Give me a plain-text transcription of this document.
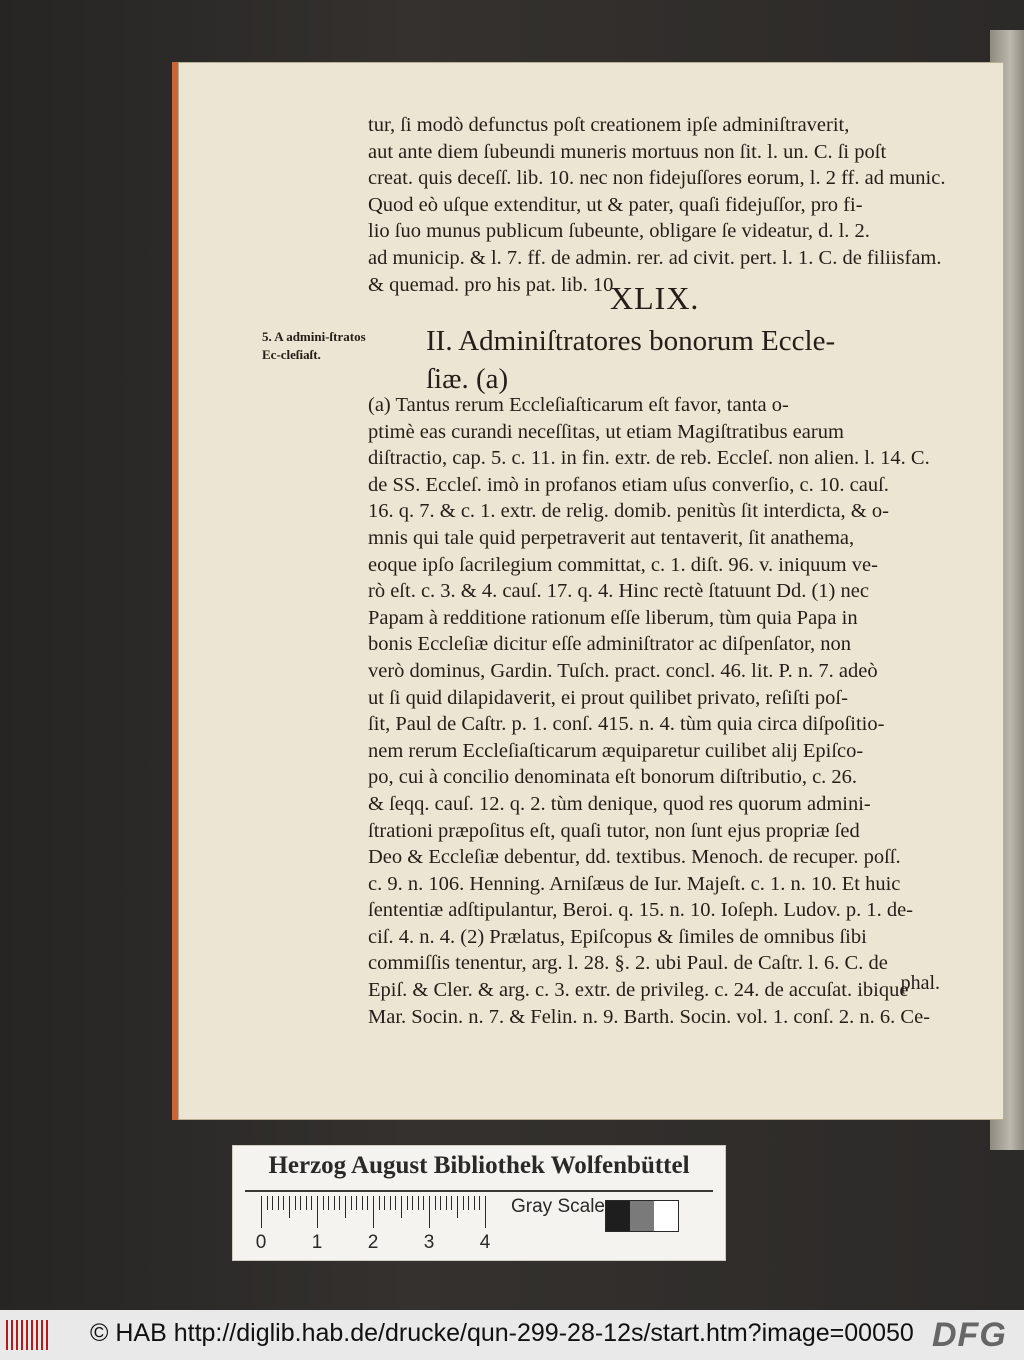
tur, ſi modò defunctus poſt creationem ipſe adminiſtraverit,
aut ante diem ſubeundi muneris mortuus non ſit. l. un. C. ſi poſt
creat. quis deceſſ. lib. 10. nec non fidejuſſores eorum, l. 2 ff. ad munic.
Quod eò uſque extenditur, ut & pater, quaſi fidejuſſor, pro fi-
lio ſuo munus publicum ſubeunte, obligare ſe videatur, d. l. 2.
ad municip. & l. 7. ff. de admin. rer. ad civit. pert. l. 1. C. de filiisfam.
& quemad. pro his pat. lib. 10.
XLIX.
5. A admini-ſtratos Ec-cleſiaſt.	II. Adminiſtratores bonorum Eccle-
ſiæ. (a)
(a) Tantus rerum Eccleſiaſticarum eſt favor, tanta o-
ptimè eas curandi neceſſitas, ut etiam Magiſtratibus earum
diſtractio, cap. 5. c. 11. in fin. extr. de reb. Eccleſ. non alien. l. 14. C.
de SS. Eccleſ. imò in profanos etiam uſus converſio, c. 10. cauſ.
16. q. 7. & c. 1. extr. de relig. domib. penitùs ſit interdicta, & o-
mnis qui tale quid perpetraverit aut tentaverit, ſit anathema,
eoque ipſo ſacrilegium committat, c. 1. diſt. 96. v. iniquum ve-
rò eſt. c. 3. & 4. cauſ. 17. q. 4. Hinc rectè ſtatuunt Dd. (1) nec
Papam à redditione rationum eſſe liberum, tùm quia Papa in
bonis Eccleſiæ dicitur eſſe adminiſtrator ac diſpenſator, non
verò dominus, Gardin. Tuſch. pract. concl. 46. lit. P. n. 7. adeò
ut ſi quid dilapidaverit, ei prout quilibet privato, reſiſti poſ-
ſit, Paul de Caſtr. p. 1. conſ. 415. n. 4. tùm quia circa diſpoſitio-
nem rerum Eccleſiaſticarum æquiparetur cuilibet alij Epiſco-
po, cui à concilio denominata eſt bonorum diſtributio, c. 26.
& ſeqq. cauſ. 12. q. 2. tùm denique, quod res quorum admini-
ſtrationi præpoſitus eſt, quaſi tutor, non ſunt ejus propriæ ſed
Deo & Eccleſiæ debentur, dd. textibus. Menoch. de recuper. poſſ.
c. 9. n. 106. Henning. Arniſæus de Iur. Majeſt. c. 1. n. 10. Et huic
ſententiæ adſtipulantur, Beroi. q. 15. n. 10. Ioſeph. Ludov. p. 1. de-
ciſ. 4. n. 4. (2) Prælatus, Epiſcopus & ſimiles de omnibus ſibi
commiſſis tenentur, arg. l. 28. §. 2. ubi Paul. de Caſtr. l. 6. C. de
Epiſ. & Cler. & arg. c. 3. extr. de privileg. c. 24. de accuſat. ibique
Mar. Socin. n. 7. & Felin. n. 9. Barth. Socin. vol. 1. conſ. 2. n. 6. Ce-
phal.
Herzog August Bibliothek Wolfenbüttel
0 1 2 3 4
Gray Scale
© HAB http://diglib.hab.de/drucke/qun-299-28-12s/start.htm?image=00050 DFG
